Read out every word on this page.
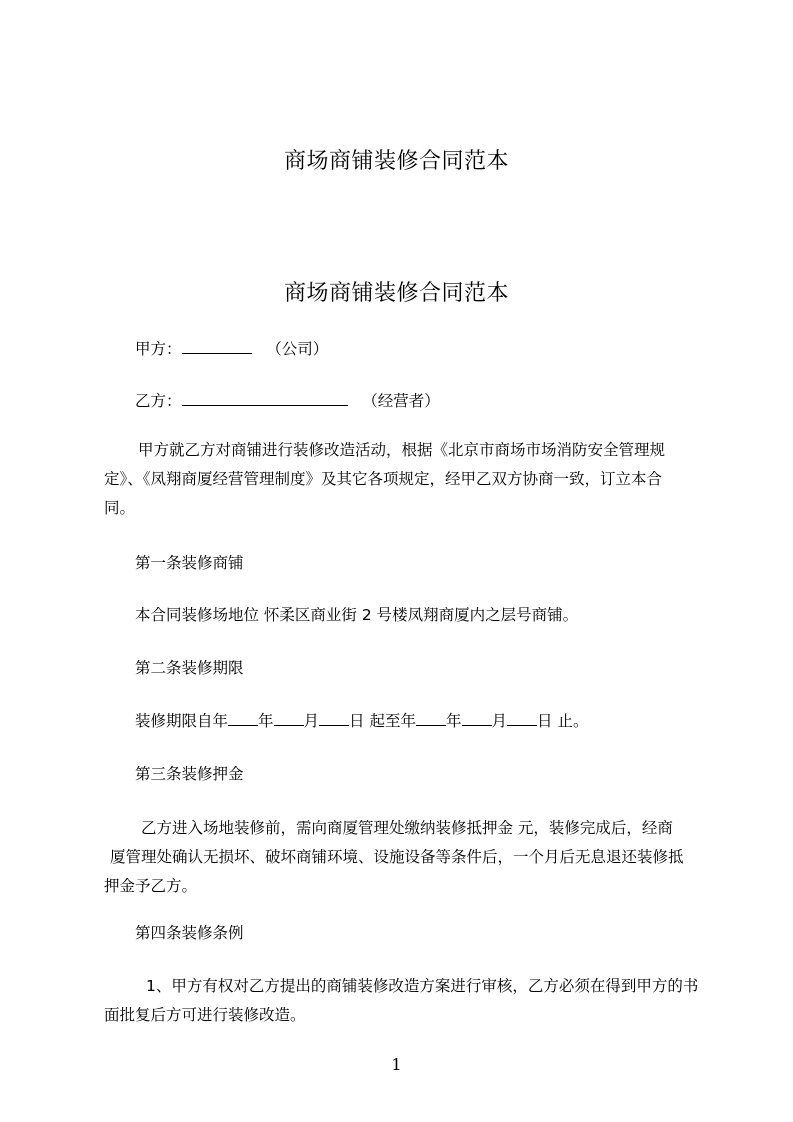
商场商铺装修合同范本
商场商铺装修合同范本
甲方：	（公司）
乙方：	（经营者）
甲方就乙方对商铺进行装修改造活动，根据《北京市商场市场消防安全管理规
定》、《凤翔商厦经营管理制度》及其它各项规定，经甲乙双方协商一致，订立本合
同。
第一条装修商铺
本合同装修场地位 怀柔区商业街 2 号楼凤翔商厦内之层号商铺。
第二条装修期限
装修期限自年 年 月 日 起至年 年 月 日 止。
第三条装修押金
乙方进入场地装修前，需向商厦管理处缴纳装修抵押金 元，装修完成后，经商
厦管理处确认无损坏、破坏商铺环境、设施设备等条件后，一个月后无息退还装修抵
押金予乙方。
第四条装修条例
1、甲方有权对乙方提出的商铺装修改造方案进行审核，乙方必须在得到甲方的书
面批复后方可进行装修改造。
1
